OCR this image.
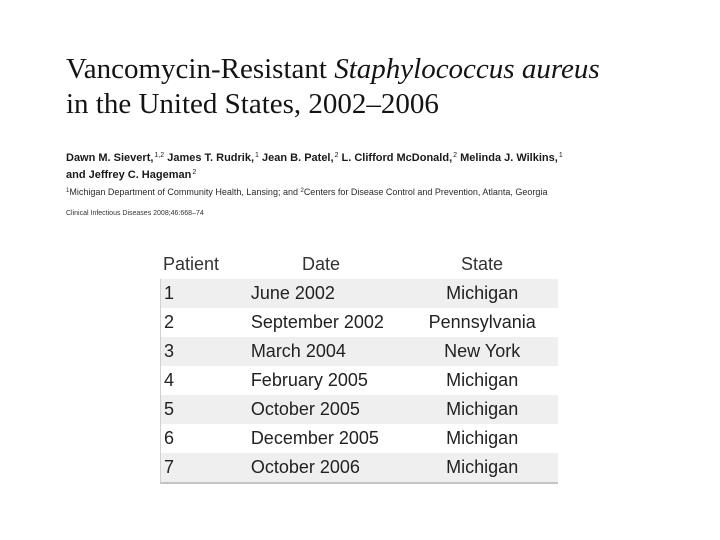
Vancomycin-Resistant Staphylococcus aureus
in the United States, 2002–2006
Dawn M. Sievert,$^{1,2}$ James T. Rudrik,$^1$ Jean B. Patel,$^2$ L. Clifford McDonald,$^2$ Melinda J. Wilkins,$^1$
and Jeffrey C. Hageman$^2$
$^1$Michigan Department of Community Health, Lansing; and $^2$Centers for Disease Control and Prevention, Atlanta, Georgia
Clinical Infectious Diseases 2008;46:668–74
Patient	Date	State
1	June 2002	Michigan
2	September 2002	Pennsylvania
3	March 2004	New York
4	February 2005	Michigan
5	October 2005	Michigan
6	December 2005	Michigan
7	October 2006	Michigan
